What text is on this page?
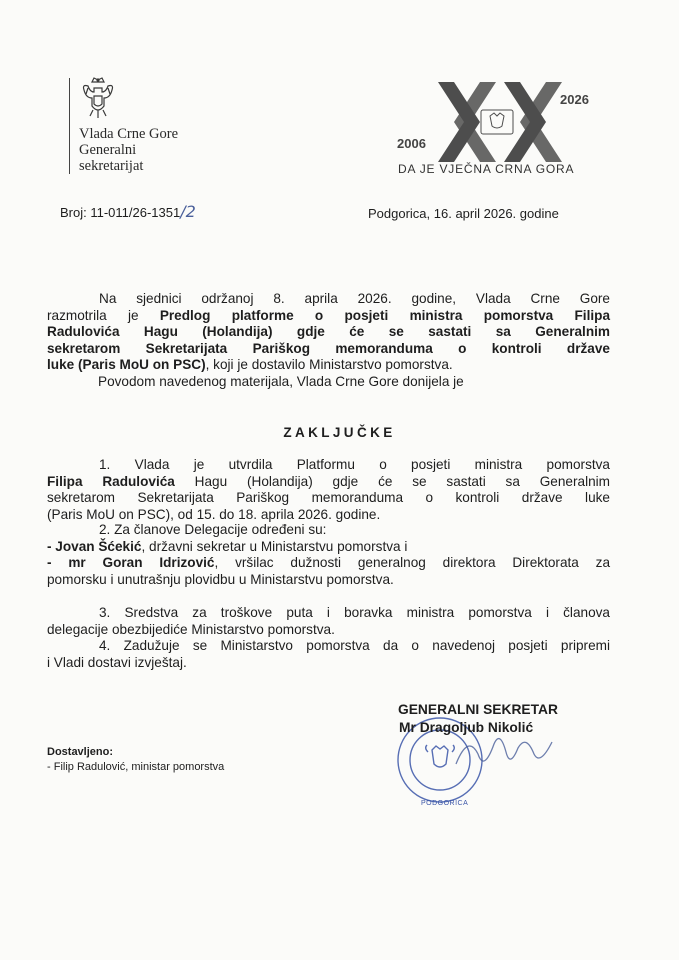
Vlada Crne Gore
Generalni
sekretarijat
2006
2026
DA JE VJEČNA CRNA GORA
Broj: 11-011/26-1351/2	Podgorica, 16. april 2026. godine
Na sjednici održanoj 8. aprila 2026. godine, Vlada Crne Gore
razmotrila je Predlog platforme o posjeti ministra pomorstva Filipa
Radulovića Hagu (Holandija) gdje će se sastati sa Generalnim
sekretarom Sekretarijata Pariškog memoranduma o kontroli države
luke (Paris MoU on PSC), koji je dostavilo Ministarstvo pomorstva.
Povodom navedenog materijala, Vlada Crne Gore donijela je
ZAKLJUČKE
1. Vlada je utvrdila Platformu o posjeti ministra pomorstva
Filipa Radulovića Hagu (Holandija) gdje će se sastati sa Generalnim
sekretarom Sekretarijata Pariškog memoranduma o kontroli države luke
(Paris MoU on PSC), od 15. do 18. aprila 2026. godine.
2. Za članove Delegacije određeni su:
- Jovan Šćekić, državni sekretar u Ministarstvu pomorstva i
- mr Goran Idrizović, vršilac dužnosti generalnog direktora Direktorata za
pomorsku i unutrašnju plovidbu u Ministarstvu pomorstva.
3. Sredstva za troškove puta i boravka ministra pomorstva i članova
delegacije obezbijediće Ministarstvo pomorstva.
4. Zadužuje se Ministarstvo pomorstva da o navedenoj posjeti pripremi
i Vladi dostavi izvještaj.
PODGORICA
GENERALNI SEKRETAR
Mr Dragoljub Nikolić
Dostavljeno:
- Filip Radulović, ministar pomorstva
